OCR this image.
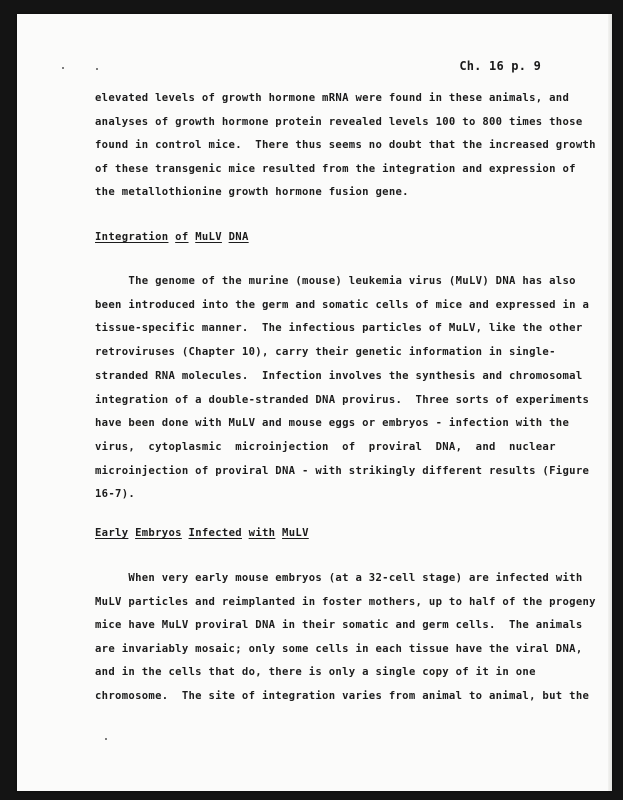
Ch. 16 p. 9
elevated levels of growth hormone mRNA were found in these animals, and
analyses of growth hormone protein revealed levels 100 to 800 times those
found in control mice.  There thus seems no doubt that the increased growth
of these transgenic mice resulted from the integration and expression of
the metallothionine growth hormone fusion gene.
Integration of MuLV DNA
The genome of the murine (mouse) leukemia virus (MuLV) DNA has also
been introduced into the germ and somatic cells of mice and expressed in a
tissue-specific manner.  The infectious particles of MuLV, like the other
retroviruses (Chapter 10), carry their genetic information in single-
stranded RNA molecules.  Infection involves the synthesis and chromosomal
integration of a double-stranded DNA provirus.  Three sorts of experiments
have been done with MuLV and mouse eggs or embryos - infection with the
virus,  cytoplasmic  microinjection  of  proviral  DNA,  and  nuclear
microinjection of proviral DNA - with strikingly different results (Figure
16-7).
Early Embryos Infected with MuLV
When very early mouse embryos (at a 32-cell stage) are infected with
MuLV particles and reimplanted in foster mothers, up to half of the progeny
mice have MuLV proviral DNA in their somatic and germ cells.  The animals
are invariably mosaic; only some cells in each tissue have the viral DNA,
and in the cells that do, there is only a single copy of it in one
chromosome.  The site of integration varies from animal to animal, but the
